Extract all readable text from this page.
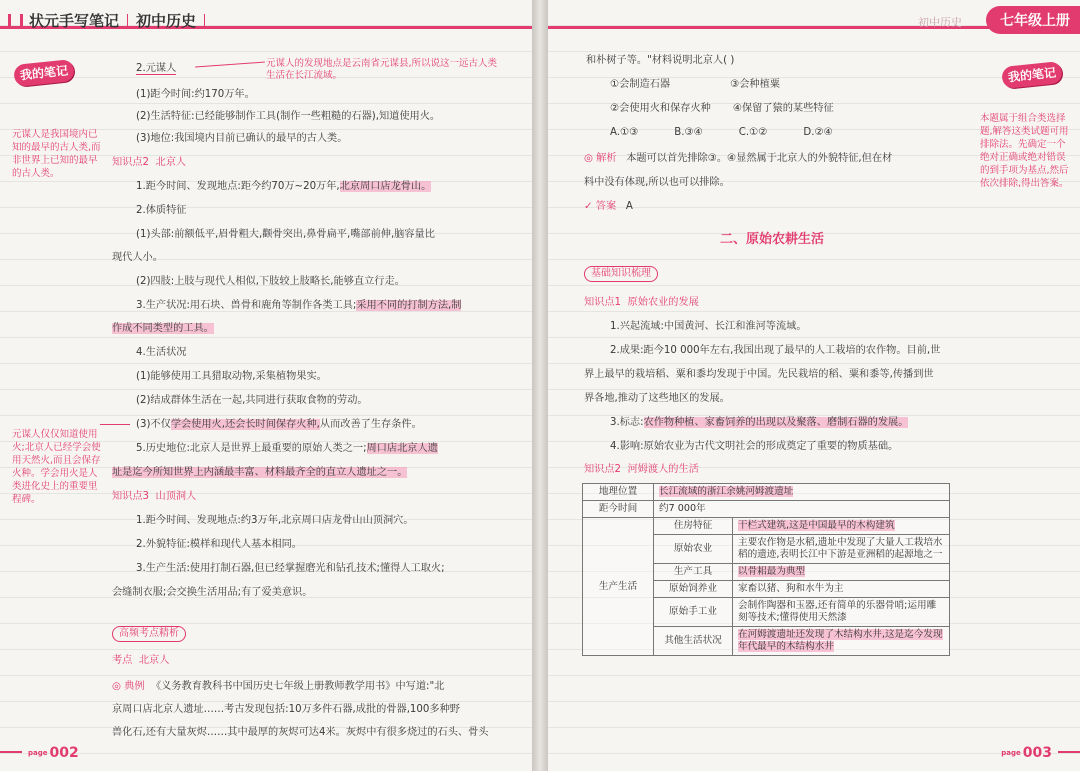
状元手写笔记 初中历史
我的笔记
元谋人是我国境内已知的最早的古人类,而非世界上已知的最早的古人类。
元谋人仅仅知道使用火;北京人已经学会使用天然火,而且会保存火种。学会用火是人类进化史上的重要里程碑。
元谋人的发现地点是云南省元谋县,所以说这一远古人类生活在长江流域。
2.元谋人
(1)距今时间:约170万年。
(2)生活特征:已经能够制作工具(制作一些粗糙的石器),知道使用火。
(3)地位:我国境内目前已确认的最早的古人类。
知识点2 北京人
1.距今时间、发现地点:距今约70万~20万年,北京周口店龙骨山。
2.体质特征
(1)头部:前额低平,眉骨粗大,颧骨突出,鼻骨扁平,嘴部前伸,脑容量比
现代人小。
(2)四肢:上肢与现代人相似,下肢较上肢略长,能够直立行走。
3.生产状况:用石块、兽骨和鹿角等制作各类工具;采用不同的打制方法,制
作成不同类型的工具。
4.生活状况
(1)能够使用工具猎取动物,采集植物果实。
(2)结成群体生活在一起,共同进行获取食物的劳动。
(3)不仅学会使用火,还会长时间保存火种,从而改善了生存条件。
5.历史地位:北京人是世界上最重要的原始人类之一;周口店北京人遗
址是迄今所知世界上内涵最丰富、材料最齐全的直立人遗址之一。
知识点3 山顶洞人
1.距今时间、发现地点:约3万年,北京周口店龙骨山山顶洞穴。
2.外貌特征:模样和现代人基本相同。
3.生产生活:使用打制石器,但已经掌握磨光和钻孔技术;懂得人工取火;
会缝制衣服;会交换生活用品;有了爱美意识。
高频考点精析
考点 北京人
◎ 典例 《义务教育教科书中国历史七年级上册教师教学用书》中写道:"北
京周口店北京人遗址……考古发现包括:10万多件石器,成批的骨器,100多种野
兽化石,还有大量灰烬……其中最厚的灰烬可达4米。灰烬中有很多烧过的石头、骨头
page 002
初中历史	七年级上册
我的笔记
本题属于组合类选择题,解答这类试题可用排除法。先确定一个绝对正确或绝对错误的到手项为基点,然后依次排除,得出答案。
和朴树子等。"材料说明北京人( )
①会制造石器	③会种植粟
②会使用火和保存火种 ④保留了猿的某些特征
A.①③	B.③④	C.①②	D.②④
◎ 解析 本题可以首先排除③。④显然属于北京人的外貌特征,但在材
料中没有体现,所以也可以排除。
✓ 答案 A
二、原始农耕生活
基础知识梳理
知识点1 原始农业的发展
1.兴起流域:中国黄河、长江和淮河等流域。
2.成果:距今10 000年左右,我国出现了最早的人工栽培的农作物。目前,世
界上最早的栽培稻、粟和黍均发现于中国。先民栽培的稻、粟和黍等,传播到世
界各地,推动了这些地区的发展。
3.标志:农作物种植、家畜饲养的出现以及聚落、磨制石器的发展。
4.影响:原始农业为古代文明社会的形成奠定了重要的物质基础。
知识点2 河姆渡人的生活
地理位置	长江流域的浙江余姚河姆渡遗址	
距今时间	约7 000年	
生产生活	住房特征	干栏式建筑,这是中国最早的木构建筑
	原始农业	主要农作物是水稻,遗址中发现了大量人工栽培水稻的遗迹,表明长江中下游是亚洲稻的起源地之一
	生产工具	以骨耜最为典型
	原始饲养业	家畜以猪、狗和水牛为主
	原始手工业	会制作陶器和玉器,还有简单的乐器骨哨;运用雕刻等技术;懂得使用天然漆
	其他生活状况	在河姆渡遗址还发现了木结构水井,这是迄今发现年代最早的木结构水井
page 003
